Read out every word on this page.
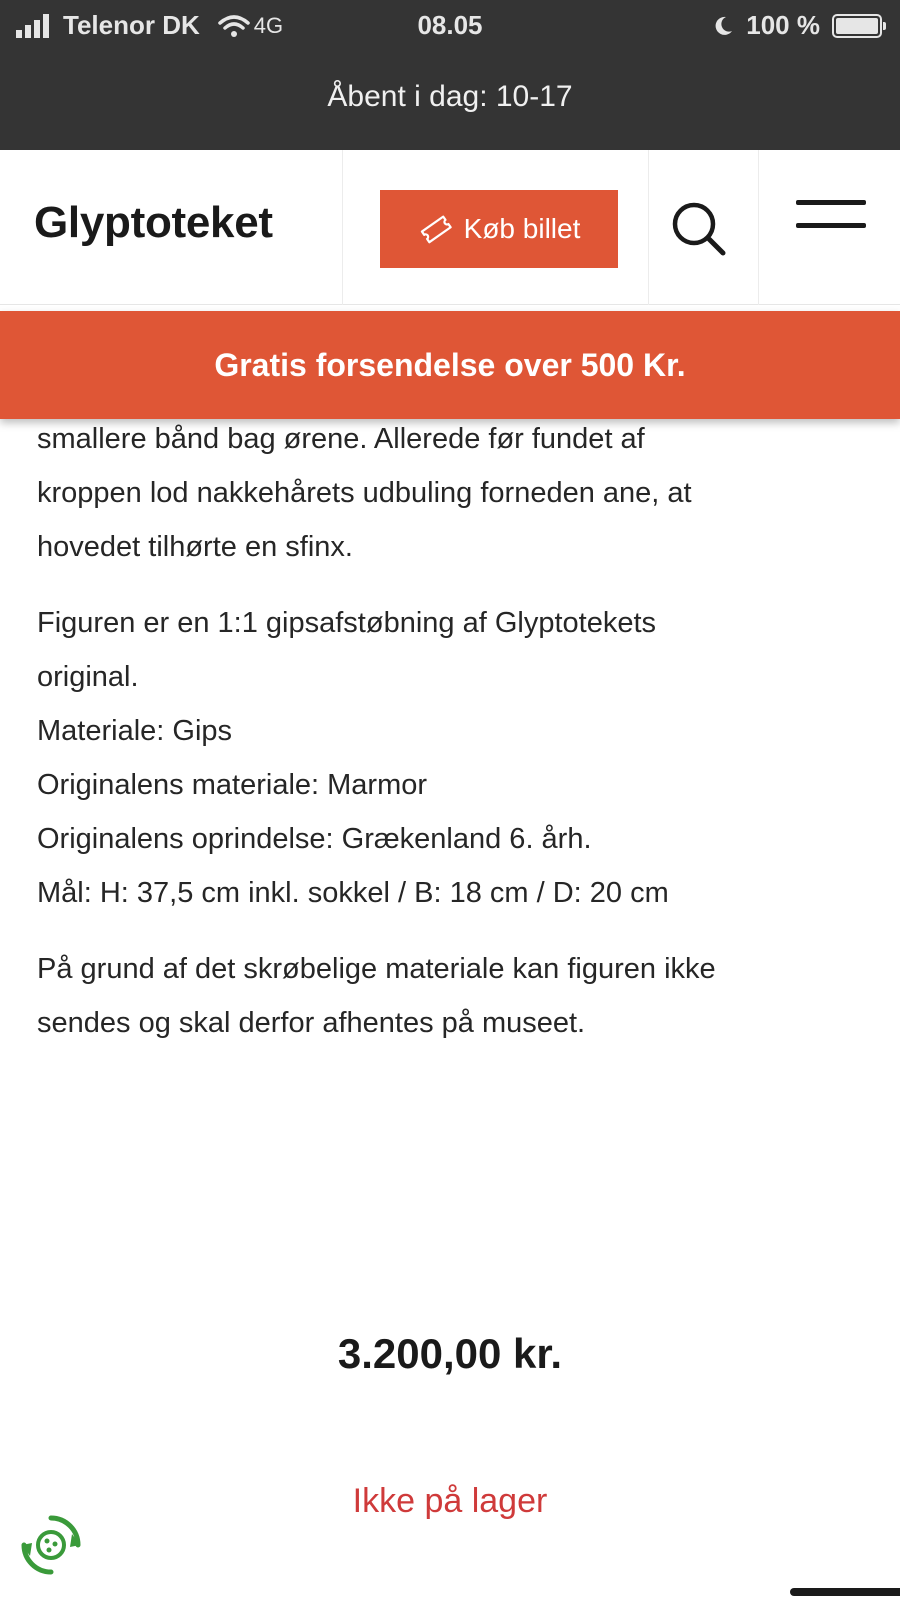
Telenor DK 4G	08.05	100 %
Åbent i dag: 10-17
Glyptoteket	Køb billet
Gratis forsendelse over 500 Kr.

smallere bånd bag ørene. Allerede før fundet af
kroppen lod nakkehårets udbuling forneden ane, at
hovedet tilhørte en sfinx.

Figuren er en 1:1 gipsafstøbning af Glyptotekets
original.
Materiale: Gips
Originalens materiale: Marmor
Originalens oprindelse: Grækenland 6. årh.
Mål: H: 37,5 cm inkl. sokkel / B: 18 cm / D: 20 cm

På grund af det skrøbelige materiale kan figuren ikke
sendes og skal derfor afhentes på museet.

3.200,00 kr.
Ikke på lager
